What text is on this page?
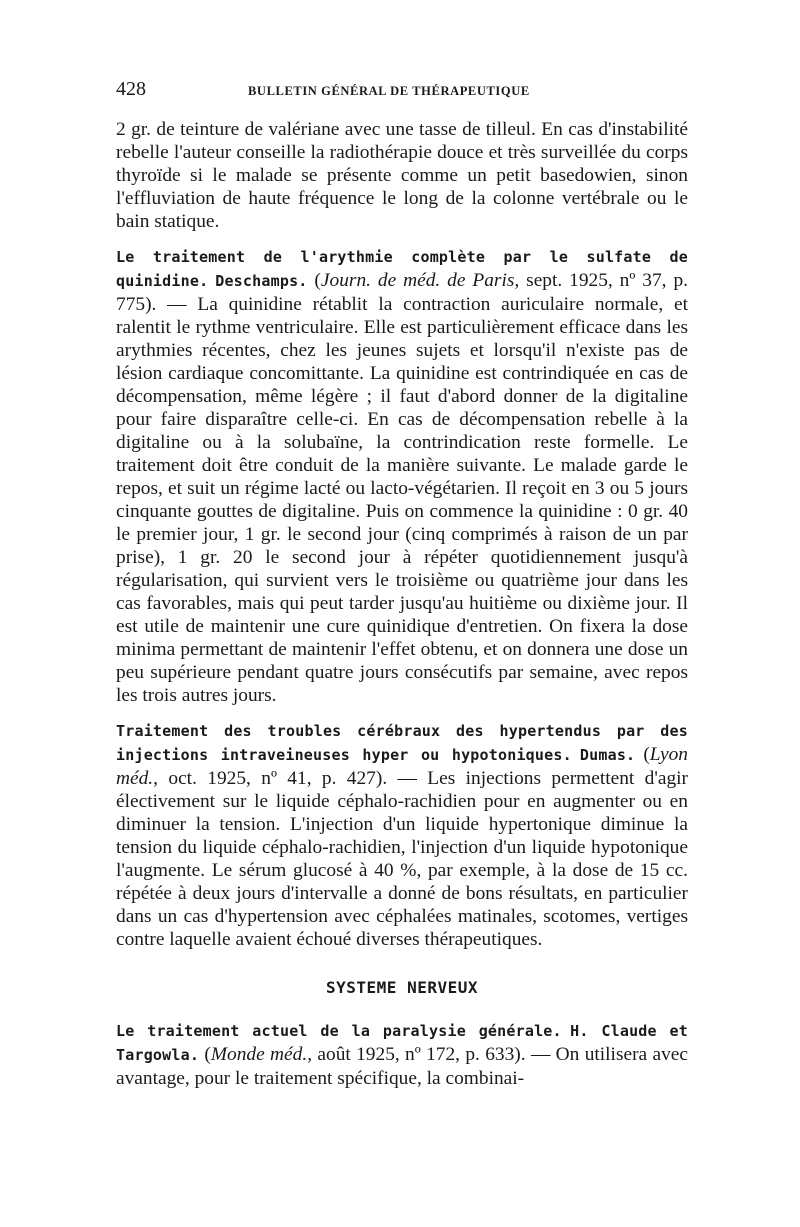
428	BULLETIN GÉNÉRAL DE THÉRAPEUTIQUE

2 gr. de teinture de valériane avec une tasse de tilleul. En cas d'instabilité rebelle l'auteur conseille la radiothérapie douce et très surveillée du corps thyroïde si le malade se présente comme un petit basedowien, sinon l'effluviation de haute fréquence le long de la colonne vertébrale ou le bain statique.

Le traitement de l'arythmie complète par le sulfate de quinidine. Deschamps. (Journ. de méd. de Paris, sept. 1925, nº 37, p. 775). — La quinidine rétablit la contraction auriculaire normale, et ralentit le rythme ventriculaire. Elle est particulièrement efficace dans les arythmies récentes, chez les jeunes sujets et lorsqu'il n'existe pas de lésion cardiaque concomittante. La quinidine est contrindiquée en cas de décompensation, même légère ; il faut d'abord donner de la digitaline pour faire disparaître celle-ci. En cas de décompensation rebelle à la digitaline ou à la solubaïne, la contrindication reste formelle. Le traitement doit être conduit de la manière suivante. Le malade garde le repos, et suit un régime lacté ou lacto-végétarien. Il reçoit en 3 ou 5 jours cinquante gouttes de digitaline. Puis on commence la quinidine : 0 gr. 40 le premier jour, 1 gr. le second jour (cinq comprimés à raison de un par prise), 1 gr. 20 le second jour à répéter quotidiennement jusqu'à régularisation, qui survient vers le troisième ou quatrième jour dans les cas favorables, mais qui peut tarder jusqu'au huitième ou dixième jour. Il est utile de maintenir une cure quinidique d'entretien. On fixera la dose minima permettant de maintenir l'effet obtenu, et on donnera une dose un peu supérieure pendant quatre jours consécutifs par semaine, avec repos les trois autres jours.

Traitement des troubles cérébraux des hypertendus par des injections intraveineuses hyper ou hypotoniques. Dumas. (Lyon méd., oct. 1925, nº 41, p. 427). — Les injections permettent d'agir électivement sur le liquide céphalo-rachidien pour en augmenter ou en diminuer la tension. L'injection d'un liquide hypertonique diminue la tension du liquide céphalo-rachidien, l'injection d'un liquide hypotonique l'augmente. Le sérum glucosé à 40 %, par exemple, à la dose de 15 cc. répétée à deux jours d'intervalle a donné de bons résultats, en particulier dans un cas d'hypertension avec céphalées matinales, scotomes, vertiges contre laquelle avaient échoué diverses thérapeutiques.

SYSTEME NERVEUX

Le traitement actuel de la paralysie générale. H. Claude et Targowla. (Monde méd., août 1925, nº 172, p. 633). — On utilisera avec avantage, pour le traitement spécifique, la combinai-
